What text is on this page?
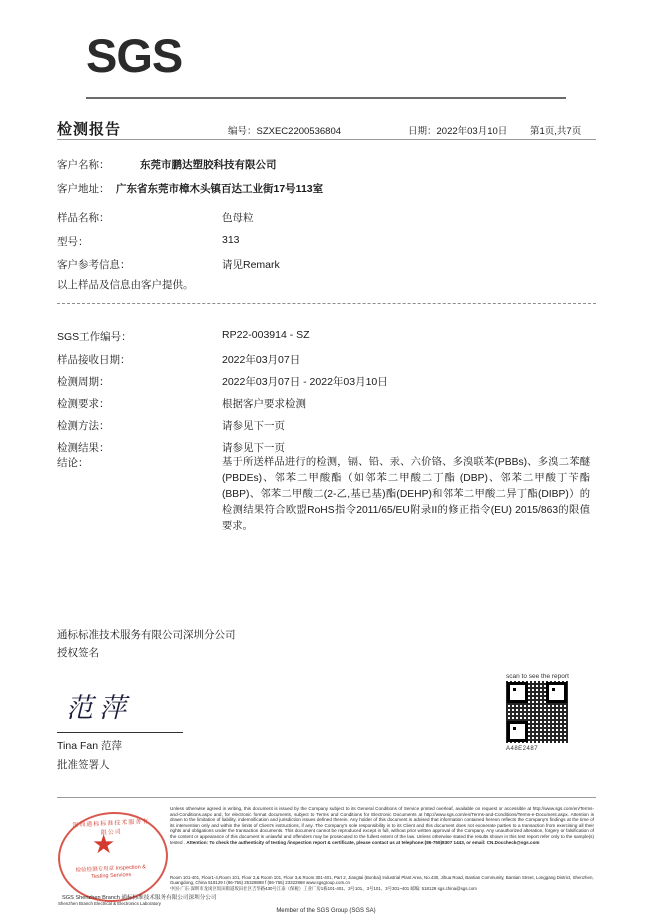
SGS
检测报告	编号：SZXEC2200536804	日期：2022年03月10日 第1页,共7页
客户名称：	东莞市鹏达塑胶科技有限公司
客户地址： 广东省东莞市樟木头镇百达工业街17号113室
样品名称：	色母粒
型号：	313
客户参考信息：	请见Remark
以上样品及信息由客户提供。
SGS工作编号：	RP22-003914 - SZ
样品接收日期：	2022年03月07日
检测周期：	2022年03月07日 - 2022年03月10日
检测要求：	根据客户要求检测
检测方法：	请参见下一页
检测结果：	请参见下一页
结论：	基于所送样品进行的检测，镉、铅、汞、六价铬、多溴联苯(PBBs)、多溴二苯醚(PBDEs)、邻苯二甲酸酯（如邻苯二甲酸二丁酯 (DBP)、邻苯二甲酸丁苄酯(BBP)、邻苯二甲酸二(2-乙,基已基)酯(DEHP)和邻苯二甲酸二异丁酯(DIBP)）的检测结果符合欧盟RoHS指令2011/65/EU附录II的修正指令(EU) 2015/863的限值要求。
通标标准技术服务有限公司深圳分公司
授权签名
范萍
Tina Fan 范萍
批准签署人
scan to see the report
A48E2487
深圳通标标准技术服务有限公司
检验检测专用章 Inspection & Testing Services
SGS Shenzhen Branch 通标标准技术服务有限公司深圳分公司
Shenzhen Branch Electrical & Electronics Laboratory
Unless otherwise agreed in writing, this document is issued by the Company subject to its General Conditions of Service printed overleaf, available on request or accessible at http://www.sgs.com/en/Terms-and-Conditions.aspx and, for electronic format documents, subject to Terms and Conditions for Electronic Documents at http://www.sgs.com/en/Terms-and-Conditions/Terms-e-Document.aspx. Attention is drawn to the limitation of liability, indemnification and jurisdiction issues defined therein. Any holder of this document is advised that information contained hereon reflects the Company's findings at the time of its intervention only and within the limits of Client's instructions, if any. The Company's sole responsibility is to its Client and this document does not exonerate parties to a transaction from exercising all their rights and obligations under the transaction documents. This document cannot be reproduced except in full, without prior written approval of the Company. Any unauthorized alteration, forgery or falsification of the content or appearance of this document is unlawful and offenders may be prosecuted to the fullest extent of the law. Unless otherwise stated the results shown in this test report refer only to the sample(s) tested . Attention: To check the authenticity of testing /inspection report & certificate, please contact us at telephone:(86-755)8307 1443, or email: CN.Doccheck@sgs.com
Room 101-401, Floor1-4,Room 101, Floor 2,& Room 101, Floor 3,& Room 301-401, Part 2, Jiangtai (Bonbai) Industrial Plant Area, No.430, Jihua Road, Bantian Community, Bantian Street, Longgang District, Shenzhen, Guangdong, China 518129 t (86-755) 25328888 f (86-755) 23322868 www.sgsgroup.com.cn
中国·广东·深圳市龙岗区坂田街道坂田社区吉华路430号江泰（保税）工业厂房1栋101-401、3号101、3号101、3号301~401 邮编: 518129 sgs.china@sgs.com
Member of the SGS Group (SGS SA)
